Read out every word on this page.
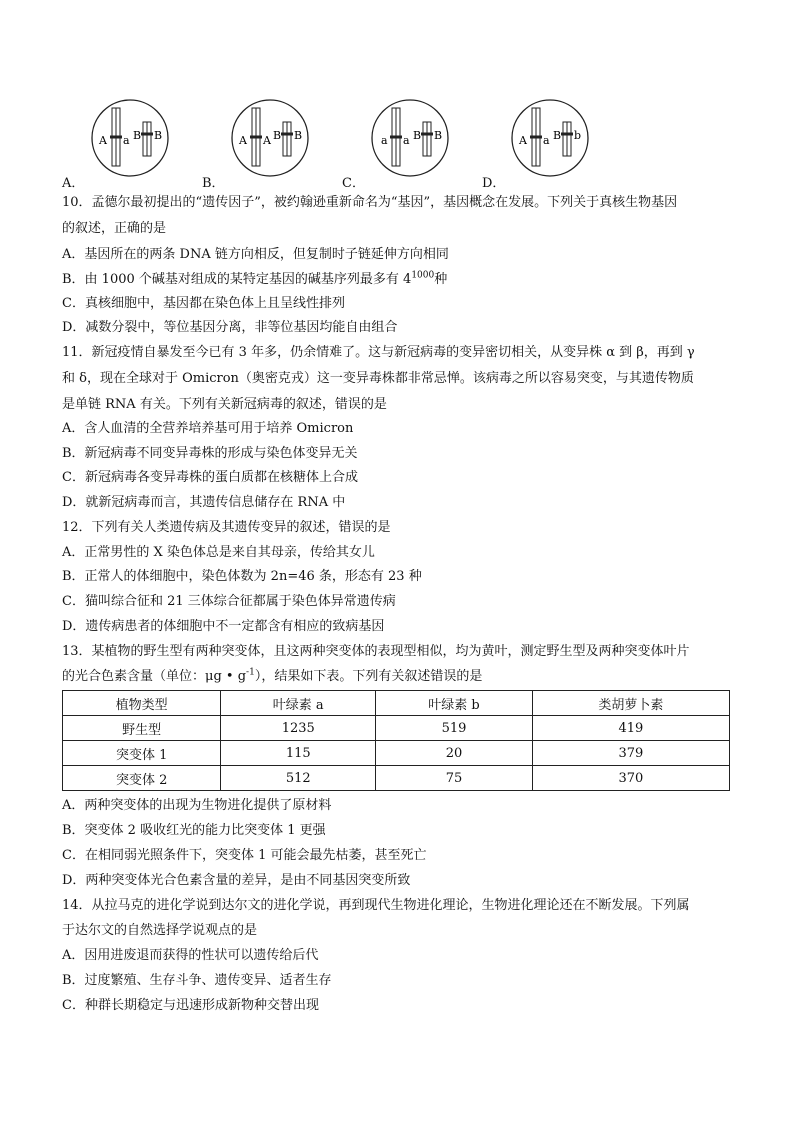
A．
A a B B
B．
A A B B
C．
a a B B
D．
A a B b
10．孟德尔最初提出的“遗传因子”，被约翰逊重新命名为“基因”，基因概念在发展。下列关于真核生物基因
的叙述，正确的是
A．基因所在的两条 DNA 链方向相反，但复制时子链延伸方向相同
B．由 1000 个碱基对组成的某特定基因的碱基序列最多有 $4^{1000}$种
C．真核细胞中，基因都在染色体上且呈线性排列
D．减数分裂中，等位基因分离，非等位基因均能自由组合
11．新冠疫情自暴发至今已有 3 年多，仍余情难了。这与新冠病毒的变异密切相关，从变异株 α 到 β，再到 γ
和 δ，现在全球对于 Omicron（奥密克戎）这一变异毒株都非常忌惮。该病毒之所以容易突变，与其遗传物质
是单链 RNA 有关。下列有关新冠病毒的叙述，错误的是
A．含人血清的全营养培养基可用于培养 Omicron
B．新冠病毒不同变异毒株的形成与染色体变异无关
C．新冠病毒各变异毒株的蛋白质都在核糖体上合成
D．就新冠病毒而言，其遗传信息储存在 RNA 中
12．下列有关人类遗传病及其遗传变异的叙述，错误的是
A．正常男性的 X 染色体总是来自其母亲，传给其女儿
B．正常人的体细胞中，染色体数为 2n=46 条，形态有 23 种
C．猫叫综合征和 21 三体综合征都属于染色体异常遗传病
D．遗传病患者的体细胞中不一定都含有相应的致病基因
13．某植物的野生型有两种突变体，且这两种突变体的表现型相似，均为黄叶，测定野生型及两种突变体叶片
的光合色素含量（单位：μg • $g^{-1}$），结果如下表。下列有关叙述错误的是
植物类型	叶绿素 a	叶绿素 b	类胡萝卜素
野生型	1235	519	419
突变体 1	115	20	379
突变体 2	512	75	370
A．两种突变体的出现为生物进化提供了原材料
B．突变体 2 吸收红光的能力比突变体 1 更强
C．在相同弱光照条件下，突变体 1 可能会最先枯萎，甚至死亡
D．两种突变体光合色素含量的差异，是由不同基因突变所致
14．从拉马克的进化学说到达尔文的进化学说，再到现代生物进化理论，生物进化理论还在不断发展。下列属
于达尔文的自然选择学说观点的是
A．因用进废退而获得的性状可以遗传给后代
B．过度繁殖、生存斗争、遗传变异、适者生存
C．种群长期稳定与迅速形成新物种交替出现
